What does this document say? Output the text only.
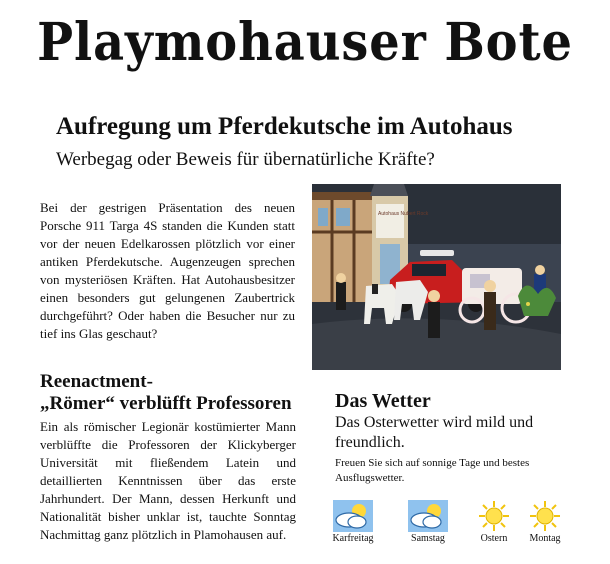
Playmohauser Bote
Aufregung um Pferdekutsche im Autohaus
Werbegag oder Beweis für übernatürliche Kräfte?

Bei der gestrigen Präsentation des neuen Porsche 911 Targa 4S standen die Kunden statt vor der neuen Edelkarossen plötzlich vor einer antiken Pferdekutsche. Augenzeugen sprechen von mysteriösen Kräften. Hat Autohausbesitzer einen besonders gut gelungenen Zaubertrick durchgeführt? Oder haben die Besucher nur zu tief ins Glas geschaut?

Autohaus Nubert Rock
Reenactment-
„Römer“ verblüfft Professoren

Ein als römischer Legionär kostümierter Mann verblüffte die Professoren der Klickyberger Universität mit fließendem Latein und detaillierten Kenntnissen über das erste Jahrhundert. Der Mann, dessen Herkunft und Nationalität bisher unklar ist, tauchte Sonntag Nachmittag ganz plötzlich in Plamohausen auf.

Das Wetter
Das Osterwetter wird mild und freundlich.
Freuen Sie sich auf sonnige Tage und bestes Ausflugswetter.
Karfreitag	Samstag	Ostern	Montag
